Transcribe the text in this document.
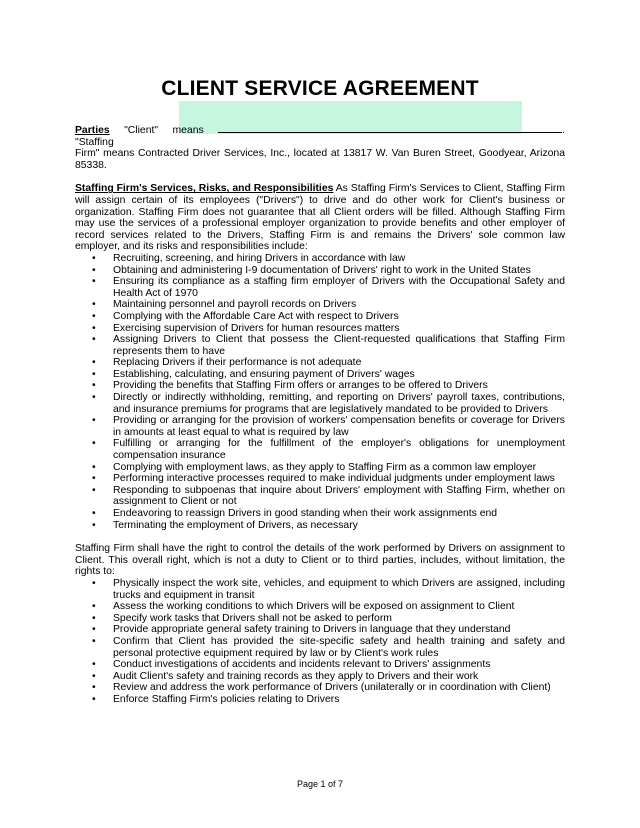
CLIENT SERVICE AGREEMENT

Parties "Client" means	. "Staffing
Firm" means Contracted Driver Services, Inc., located at 13817 W. Van Buren Street, Goodyear, Arizona 85338.

Staffing Firm's Services, Risks, and Responsibilities As Staffing Firm's Services to Client, Staffing Firm will assign certain of its employees ("Drivers") to drive and do other work for Client's business or organization. Staffing Firm does not guarantee that all Client orders will be filled. Although Staffing Firm may use the services of a professional employer organization to provide benefits and other employer of record services related to the Drivers, Staffing Firm is and remains the Drivers' sole common law employer, and its risks and responsibilities include:

• Recruiting, screening, and hiring Drivers in accordance with law
• Obtaining and administering I-9 documentation of Drivers' right to work in the United States
• Ensuring its compliance as a staffing firm employer of Drivers with the Occupational Safety and Health Act of 1970
• Maintaining personnel and payroll records on Drivers
• Complying with the Affordable Care Act with respect to Drivers
• Exercising supervision of Drivers for human resources matters
• Assigning Drivers to Client that possess the Client-requested qualifications that Staffing Firm represents them to have
• Replacing Drivers if their performance is not adequate
• Establishing, calculating, and ensuring payment of Drivers' wages
• Providing the benefits that Staffing Firm offers or arranges to be offered to Drivers
• Directly or indirectly withholding, remitting, and reporting on Drivers' payroll taxes, contributions, and insurance premiums for programs that are legislatively mandated to be provided to Drivers
• Providing or arranging for the provision of workers' compensation benefits or coverage for Drivers in amounts at least equal to what is required by law
• Fulfilling or arranging for the fulfillment of the employer's obligations for unemployment compensation insurance
• Complying with employment laws, as they apply to Staffing Firm as a common law employer
• Performing interactive processes required to make individual judgments under employment laws
• Responding to subpoenas that inquire about Drivers' employment with Staffing Firm, whether on assignment to Client or not
• Endeavoring to reassign Drivers in good standing when their work assignments end
• Terminating the employment of Drivers, as necessary

Staffing Firm shall have the right to control the details of the work performed by Drivers on assignment to Client. This overall right, which is not a duty to Client or to third parties, includes, without limitation, the rights to:

• Physically inspect the work site, vehicles, and equipment to which Drivers are assigned, including trucks and equipment in transit
• Assess the working conditions to which Drivers will be exposed on assignment to Client
• Specify work tasks that Drivers shall not be asked to perform
• Provide appropriate general safety training to Drivers in language that they understand
• Confirm that Client has provided the site-specific safety and health training and safety and personal protective equipment required by law or by Client's work rules
• Conduct investigations of accidents and incidents relevant to Drivers' assignments
• Audit Client's safety and training records as they apply to Drivers and their work
• Review and address the work performance of Drivers (unilaterally or in coordination with Client)
• Enforce Staffing Firm's policies relating to Drivers
Page 1 of 7
